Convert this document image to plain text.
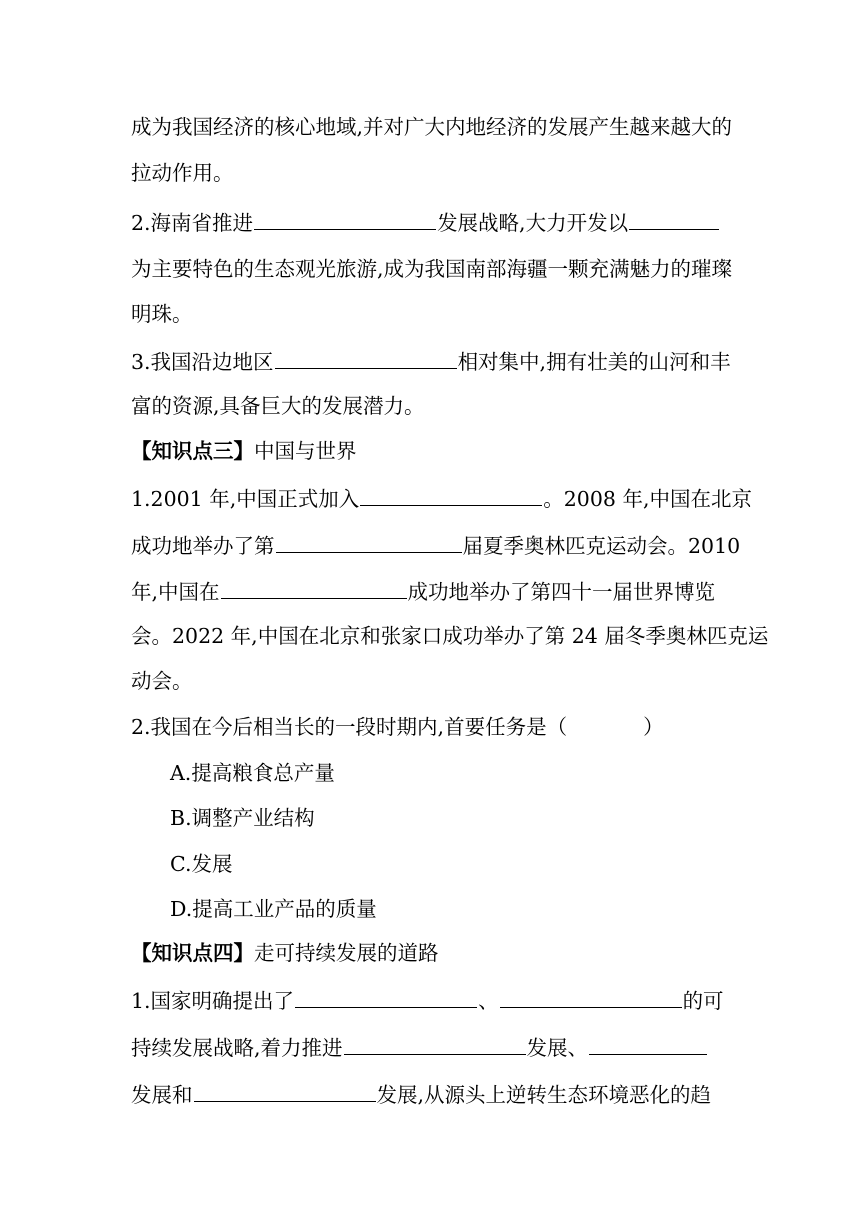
成为我国经济的核心地域,并对广大内地经济的发展产生越来越大的
拉动作用。
2.海南省推进	发展战略,大力开发以
为主要特色的生态观光旅游,成为我国南部海疆一颗充满魅力的璀璨
明珠。
3.我国沿边地区	相对集中,拥有壮美的山河和丰
富的资源,具备巨大的发展潜力。
【知识点三】中国与世界
1.2001 年,中国正式加入	。2008 年,中国在北京
成功地举办了第	届夏季奥林匹克运动会。2010
年,中国在	成功地举办了第四十一届世界博览
会。2022 年,中国在北京和张家口成功举办了第 24 届冬季奥林匹克运
动会。
2.我国在今后相当长的一段时期内,首要任务是（	）
A.提高粮食总产量
B.调整产业结构
C.发展
D.提高工业产品的质量
【知识点四】走可持续发展的道路
1.国家明确提出了	、	的可
持续发展战略,着力推进	发展、
发展和	发展,从源头上逆转生态环境恶化的趋
